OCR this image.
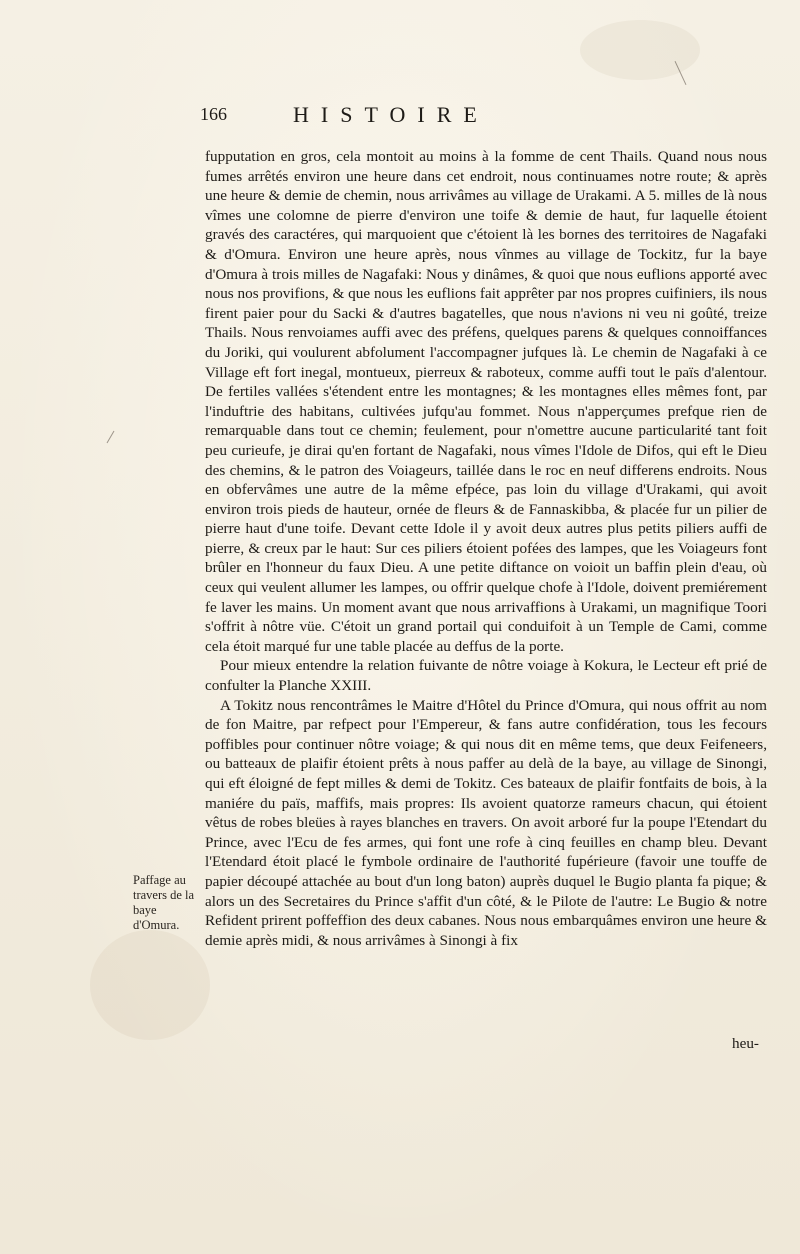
166	HISTOIRE
Paffage au travers de la baye d'Omura.

fupputation en gros, cela montoit au moins à la fomme de cent Thails. Quand nous nous fumes arrêtés environ une heure dans cet endroit, nous continuames notre route; & après une heure & demie de chemin, nous arrivâmes au village de Urakami. A 5. milles de là nous vîmes une colomne de pierre d'environ une toife & demie de haut, fur laquelle étoient gravés des caractéres, qui marquoient que c'étoient là les bornes des territoires de Nagafaki & d'Omura. Environ une heure après, nous vînmes au village de Tockitz, fur la baye d'Omura à trois milles de Nagafaki: Nous y dinâmes, & quoi que nous euflions apporté avec nous nos provifions, & que nous les euflions fait apprêter par nos propres cuifiniers, ils nous firent paier pour du Sacki & d'autres bagatelles, que nous n'avions ni veu ni goûté, treize Thails. Nous renvoiames auffi avec des préfens, quelques parens & quelques connoiffances du Joriki, qui voulurent abfolument l'accompagner jufques là. Le chemin de Nagafaki à ce Village eft fort inegal, montueux, pierreux & raboteux, comme auffi tout le païs d'alentour. De fertiles vallées s'étendent entre les montagnes; & les montagnes elles mêmes font, par l'induftrie des habitans, cultivées jufqu'au fommet. Nous n'apperçumes prefque rien de remarquable dans tout ce chemin; feulement, pour n'omettre aucune particularité tant foit peu curieufe, je dirai qu'en fortant de Nagafaki, nous vîmes l'Idole de Difos, qui eft le Dieu des chemins, & le patron des Voiageurs, taillée dans le roc en neuf differens endroits. Nous en obfervâmes une autre de la même efpéce, pas loin du village d'Urakami, qui avoit environ trois pieds de hauteur, ornée de fleurs & de Fannaskibba, & placée fur un pilier de pierre haut d'une toife. Devant cette Idole il y avoit deux autres plus petits piliers auffi de pierre, & creux par le haut: Sur ces piliers étoient pofées des lampes, que les Voiageurs font brûler en l'honneur du faux Dieu. A une petite diftance on voioit un baffin plein d'eau, où ceux qui veulent allumer les lampes, ou offrir quelque chofe à l'Idole, doivent premiérement fe laver les mains. Un moment avant que nous arrivaffions à Urakami, un magnifique Toori s'offrit à nôtre vüe. C'étoit un grand portail qui conduifoit à un Temple de Cami, comme cela étoit marqué fur une table placée au deffus de la porte.

Pour mieux entendre la relation fuivante de nôtre voiage à Kokura, le Lecteur eft prié de confulter la Planche XXIII.

A Tokitz nous rencontrâmes le Maitre d'Hôtel du Prince d'Omura, qui nous offrit au nom de fon Maitre, par refpect pour l'Empereur, & fans autre confidération, tous les fecours poffibles pour continuer nôtre voiage; & qui nous dit en même tems, que deux Feifeneers, ou batteaux de plaifir étoient prêts à nous paffer au delà de la baye, au village de Sinongi, qui eft éloigné de fept milles & demi de Tokitz. Ces bateaux de plaifir fontfaits de bois, à la maniére du païs, maffifs, mais propres: Ils avoient quatorze rameurs chacun, qui étoient vêtus de robes bleües à rayes blanches en travers. On avoit arboré fur la poupe l'Etendart du Prince, avec l'Ecu de fes armes, qui font une rofe à cinq feuilles en champ bleu. Devant l'Etendard étoit placé le fymbole ordinaire de l'authorité fupérieure (favoir une touffe de papier découpé attachée au bout d'un long baton) auprès duquel le Bugio planta fa pique; & alors un des Secretaires du Prince s'affit d'un côté, & le Pilote de l'autre: Le Bugio & notre Refident prirent poffeffion des deux cabanes. Nous nous embarquâmes environ une heure & demie après midi, & nous arrivâmes à Sinongi à fix

heu-
